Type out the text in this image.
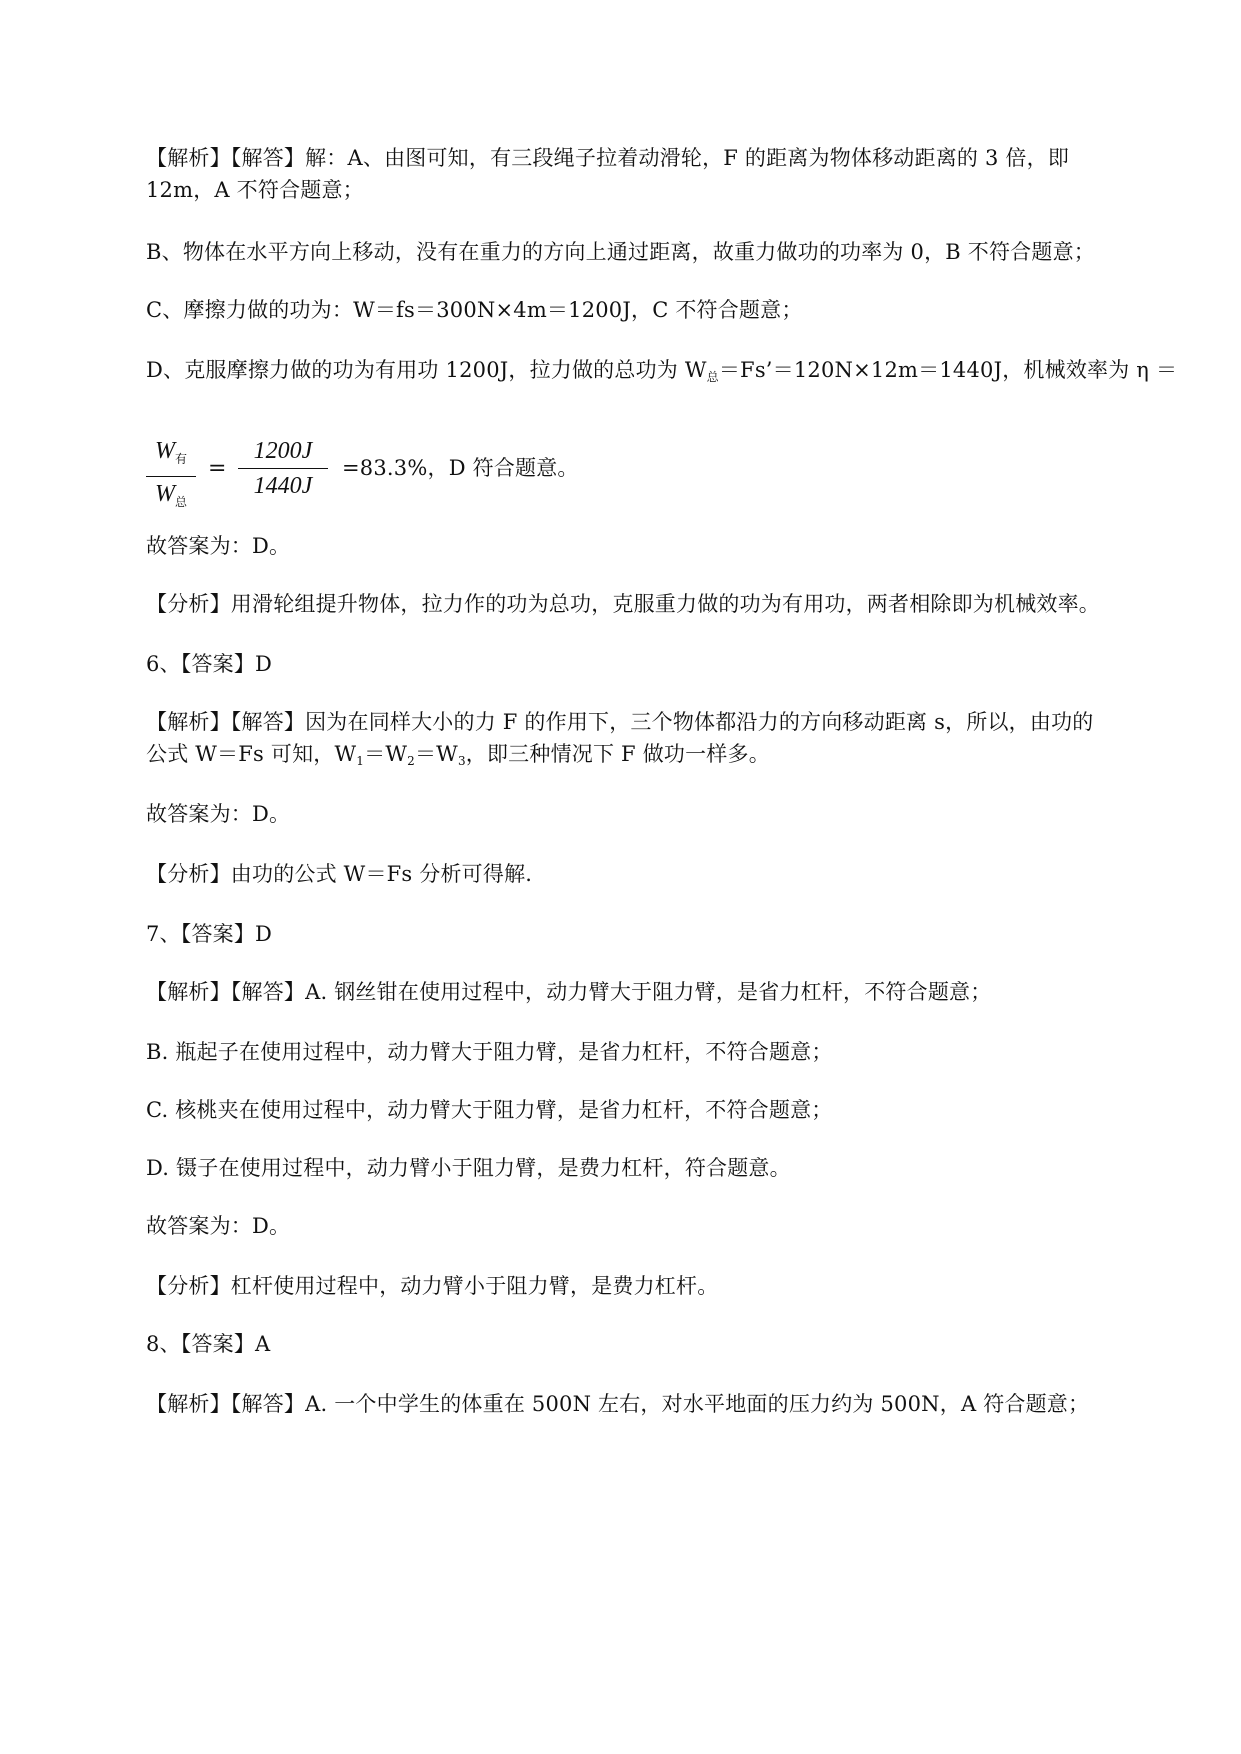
【解析】【解答】解：A、由图可知，有三段绳子拉着动滑轮，F 的距离为物体移动距离的 3 倍，即
12m，A 不符合题意；
B、物体在水平方向上移动，没有在重力的方向上通过距离，故重力做功的功率为 0，B 不符合题意；
C、摩擦力做的功为：W＝fs＝300N×4m＝1200J，C 不符合题意；
D、克服摩擦力做的功为有用功 1200J，拉力做的总功为 $W_总=Fs’=120N\times 12m=1440J$，机械效率为 η ＝
$W_有$
$W_总$
=
1200J
1440J
=83.3%，D 符合题意。
故答案为：D。
【分析】用滑轮组提升物体，拉力作的功为总功，克服重力做的功为有用功，两者相除即为机械效率。
6、【答案】D
【解析】【解答】因为在同样大小的力 F 的作用下，三个物体都沿力的方向移动距离 s，所以，由功的
公式 W＝Fs 可知，$W_1=W_2=W_3$，即三种情况下 F 做功一样多。
故答案为：D。
【分析】由功的公式 W＝Fs 分析可得解.
7、【答案】D
【解析】【解答】A. 钢丝钳在使用过程中，动力臂大于阻力臂，是省力杠杆，不符合题意；
B. 瓶起子在使用过程中，动力臂大于阻力臂，是省力杠杆，不符合题意；
C. 核桃夹在使用过程中，动力臂大于阻力臂，是省力杠杆，不符合题意；
D. 镊子在使用过程中，动力臂小于阻力臂，是费力杠杆，符合题意。
故答案为：D。
【分析】杠杆使用过程中，动力臂小于阻力臂，是费力杠杆。
8、【答案】A
【解析】【解答】A. 一个中学生的体重在 500N 左右，对水平地面的压力约为 500N，A 符合题意；
